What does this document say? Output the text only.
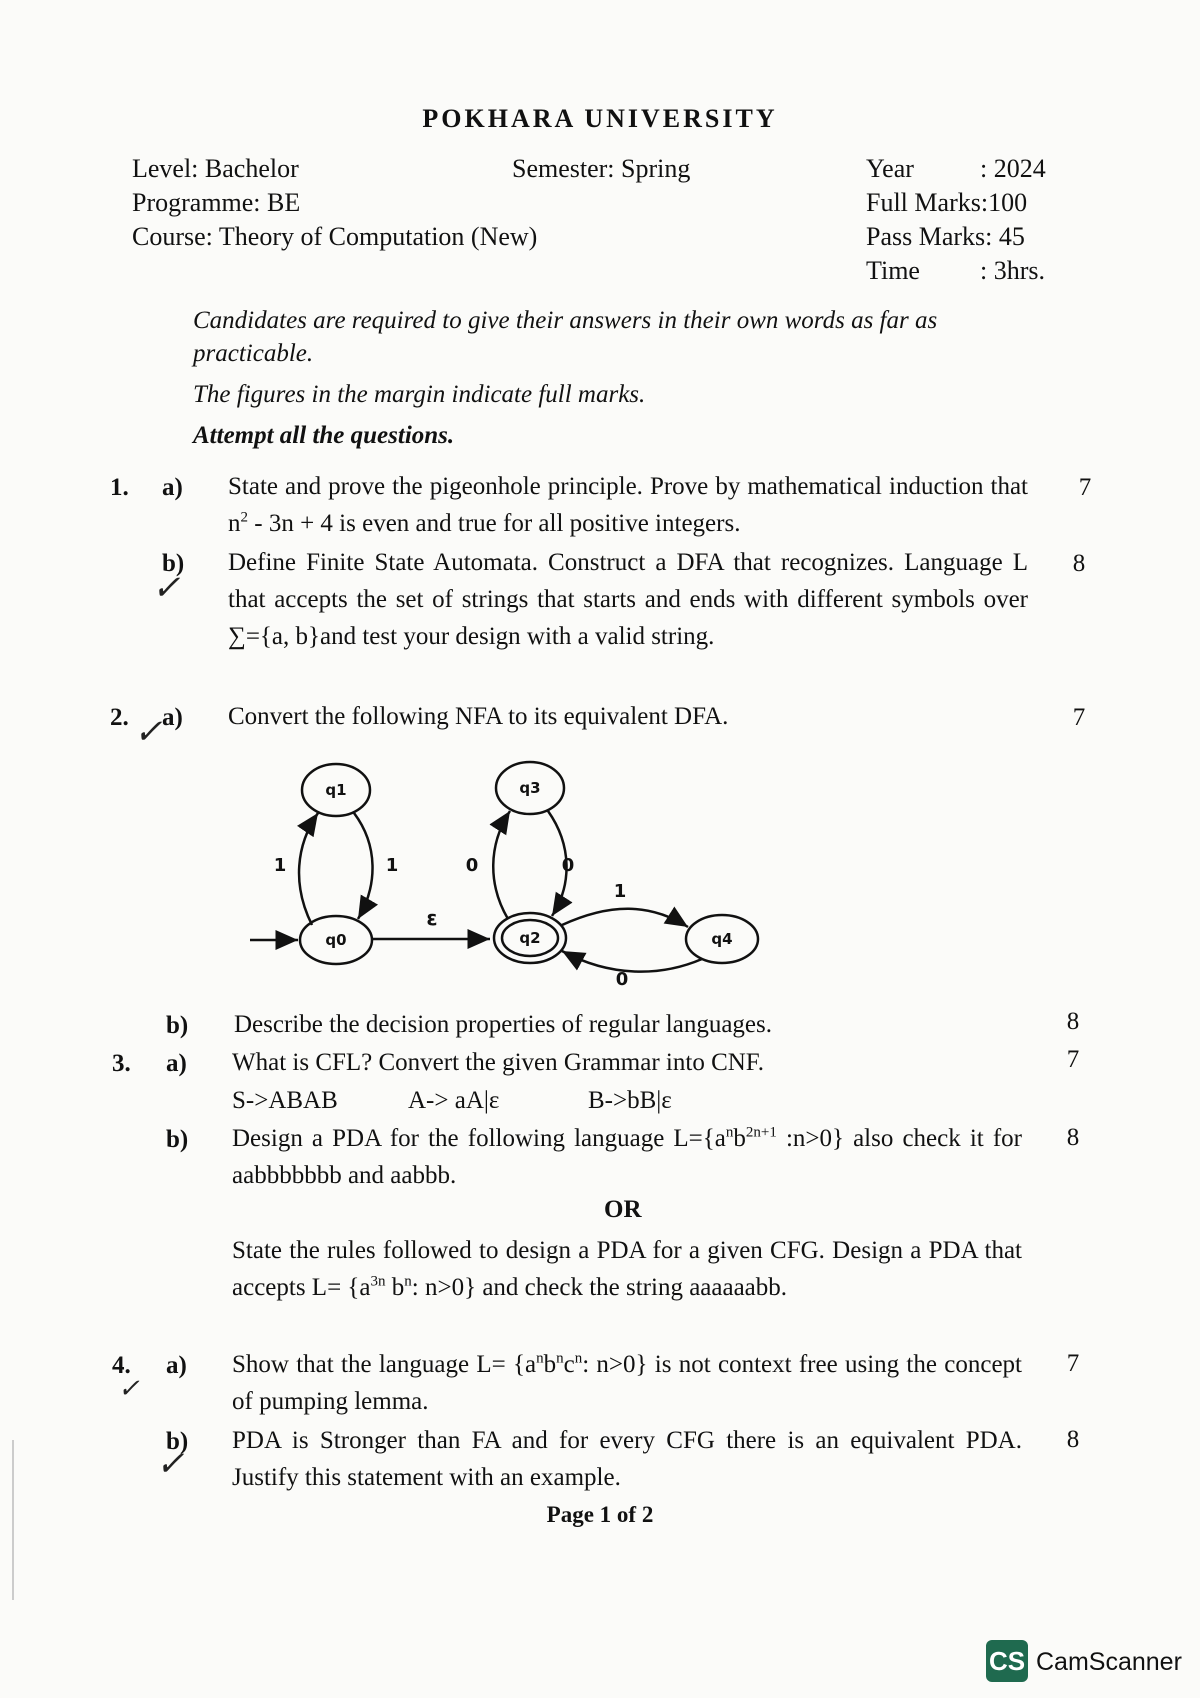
POKHARA UNIVERSITY
Level: Bachelor	Semester: Spring
Programme: BE
Course: Theory of Computation (New)
Year	: 2024
Full Marks:100
Pass Marks: 45
Time : 3hrs.
Candidates are required to give their answers in their own words as far as practicable.
The figures in the margin indicate full marks.
Attempt all the questions.
1. a) State and prove the pigeonhole principle. Prove by mathematical induction that $n^2 - 3n + 4$ is even and true for all positive integers.
7
b)
✓
Define Finite State Automata. Construct a DFA that recognizes. Language L that accepts the set of strings that starts and ends with different symbols over ∑={a, b}and test your design with a valid string.
8
2. a)
✓	Convert the following NFA to its equivalent DFA.	7
q1	q3
q0	q2	q4
1	1	0	0
ε
1
0
b) Describe the decision properties of regular languages.	8
3. a) What is CFL? Convert the given Grammar into CNF.	7
S->ABAB	A-> aA|ε	B->bB|ε
b) Design a PDA for the following language $L=\{a^nb^{2n+1}$ :n>0} also check it for aabbbbbbb and aabbb.
8
OR
State the rules followed to design a PDA for a given CFG. Design a PDA that accepts $L= \{a^{3n}$ $b^n$: n>0} and check the string aaaaaabb.
4.
✓
a) Show that the language $L= \{a^nb^nc^n$: n>0} is not context free using the concept of pumping lemma.
7
b)
✓
PDA is Stronger than FA and for every CFG there is an equivalent PDA. Justify this statement with an example.
8
Page 1 of 2
CS CamScanner
